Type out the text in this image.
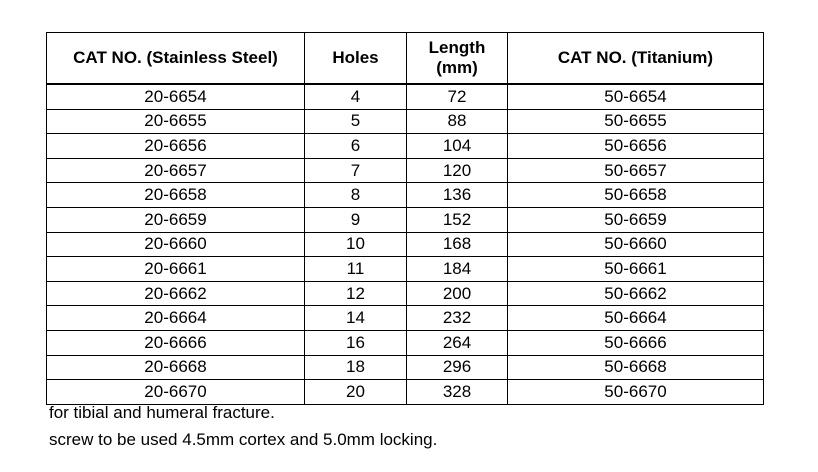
CAT NO. (Stainless Steel)	Holes	Length (mm)	CAT NO. (Titanium)
20-6654	4	72	50-6654
20-6655	5	88	50-6655
20-6656	6	104	50-6656
20-6657	7	120	50-6657
20-6658	8	136	50-6658
20-6659	9	152	50-6659
20-6660	10	168	50-6660
20-6661	11	184	50-6661
20-6662	12	200	50-6662
20-6664	14	232	50-6664
20-6666	16	264	50-6666
20-6668	18	296	50-6668
20-6670	20	328	50-6670
for tibial and humeral fracture.
screw to be used 4.5mm cortex and 5.0mm locking.
